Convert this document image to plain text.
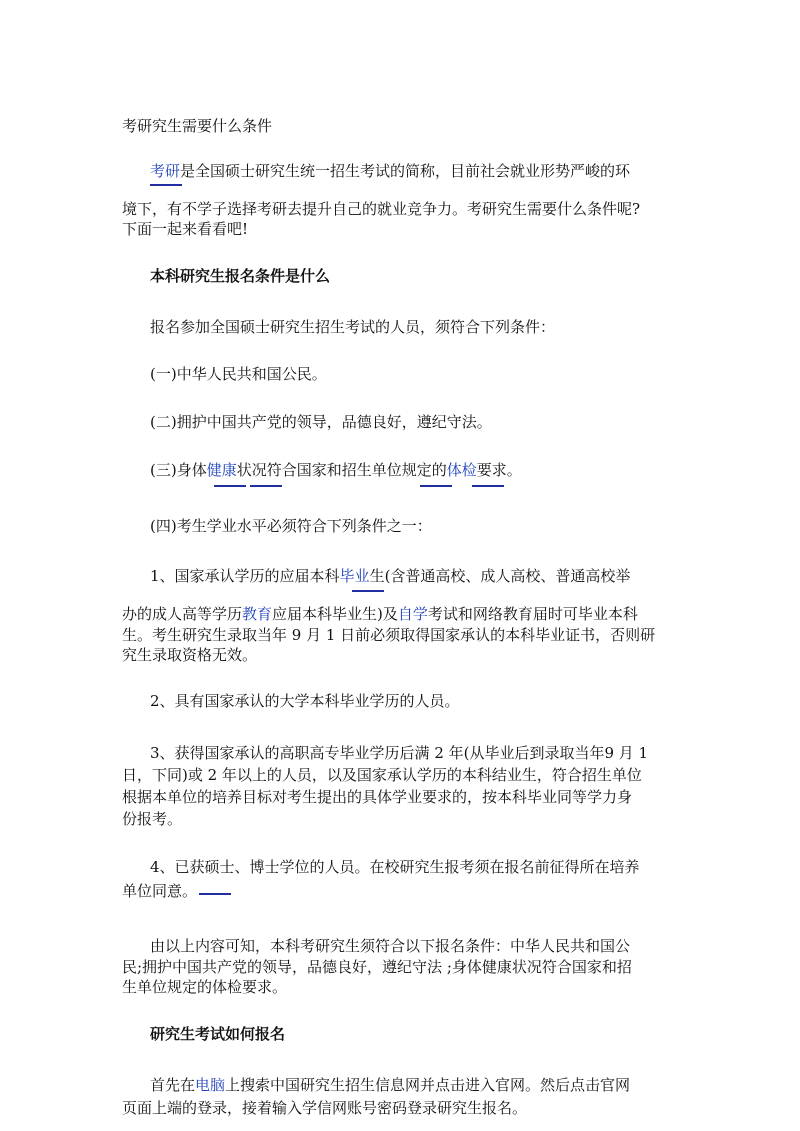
考研究生需要什么条件
考研是全国硕士研究生统一招生考试的简称，目前社会就业形势严峻的环
境下，有不学子选择考研去提升自己的就业竞争力。考研究生需要什么条件呢?
下面一起来看看吧!
本科研究生报名条件是什么
报名参加全国硕士研究生招生考试的人员，须符合下列条件：
(一)中华人民共和国公民。
(二)拥护中国共产党的领导，品德良好，遵纪守法。
(三)身体健康状况符合国家和招生单位规定的体检要求。
(四)考生学业水平必须符合下列条件之一：
1、国家承认学历的应届本科毕业生(含普通高校、成人高校、普通高校举
办的成人高等学历教育应届本科毕业生)及自学考试和网络教育届时可毕业本科
生。考生研究生录取当年 9 月 1 日前必须取得国家承认的本科毕业证书，否则研
究生录取资格无效。
2、具有国家承认的大学本科毕业学历的人员。
3、获得国家承认的高职高专毕业学历后满 2 年(从毕业后到录取当年9 月 1
日，下同)或 2 年以上的人员，以及国家承认学历的本科结业生，符合招生单位
根据本单位的培养目标对考生提出的具体学业要求的，按本科毕业同等学力身
份报考。
4、已获硕士、博士学位的人员。在校研究生报考须在报名前征得所在培养
单位同意。
由以上内容可知，本科考研究生须符合以下报名条件：中华人民共和国公
民;拥护中国共产党的领导，品德良好，遵纪守法 ;身体健康状况符合国家和招
生单位规定的体检要求。
研究生考试如何报名
首先在电脑上搜索中国研究生招生信息网并点击进入官网。然后点击官网
页面上端的登录，接着输入学信网账号密码登录研究生报名。
